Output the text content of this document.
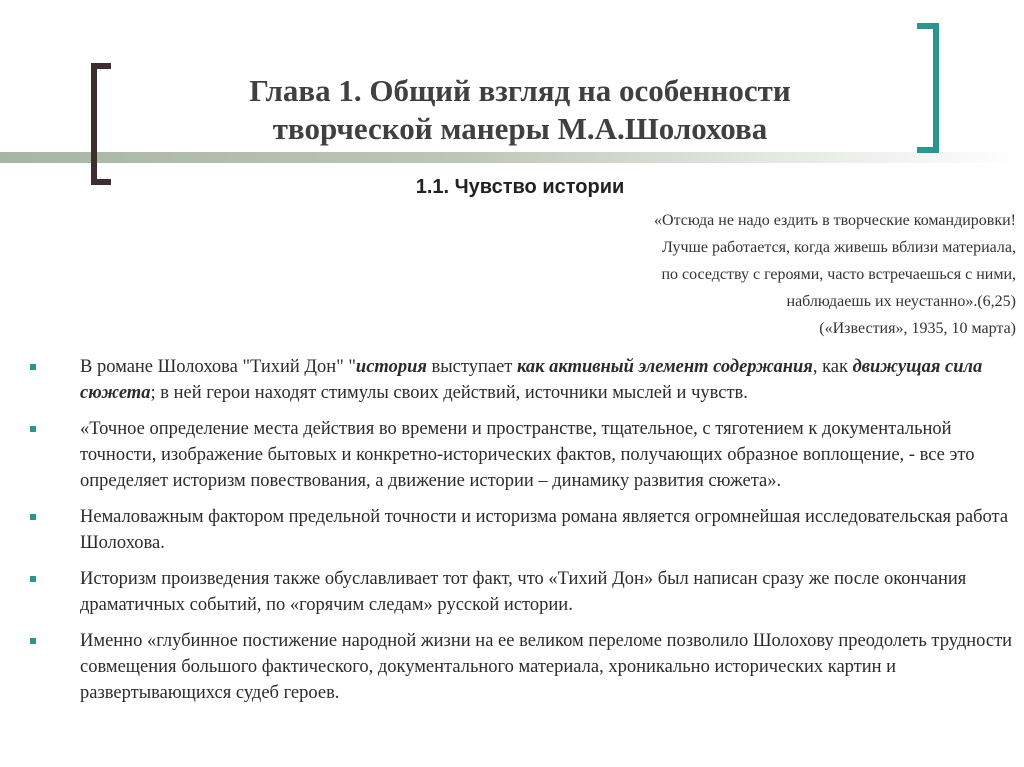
Глава 1. Общий взгляд на особенности
творческой манеры М.А.Шолохова
1.1. Чувство истории
«Отсюда не надо ездить в творческие командировки!
Лучше работается, когда живешь вблизи материала,
по соседству с героями, часто встречаешься с ними,
наблюдаешь их неустанно».(6,25)
(«Известия», 1935, 10 марта)
В романе Шолохова "Тихий Дон" "история выступает как активный элемент содержания, как движущая сила сюжета; в ней герои находят стимулы своих действий, источники мыслей и чувств.
«Точное определение места действия во времени и пространстве, тщательное, с тяготением к документальной точности, изображение бытовых и конкретно-исторических фактов, получающих образное воплощение, - все это определяет историзм повествования, а движение истории – динамику развития сюжета».
Немаловажным фактором предельной точности и историзма романа является огромнейшая исследовательская работа Шолохова.
Историзм произведения также обуславливает тот факт, что «Тихий Дон» был написан сразу же после окончания драматичных событий, по «горячим следам» русской истории.
Именно «глубинное постижение народной жизни на ее великом переломе позволило Шолохову преодолеть трудности совмещения большого фактического, документального материала, хроникально исторических картин и развертывающихся судеб героев.
